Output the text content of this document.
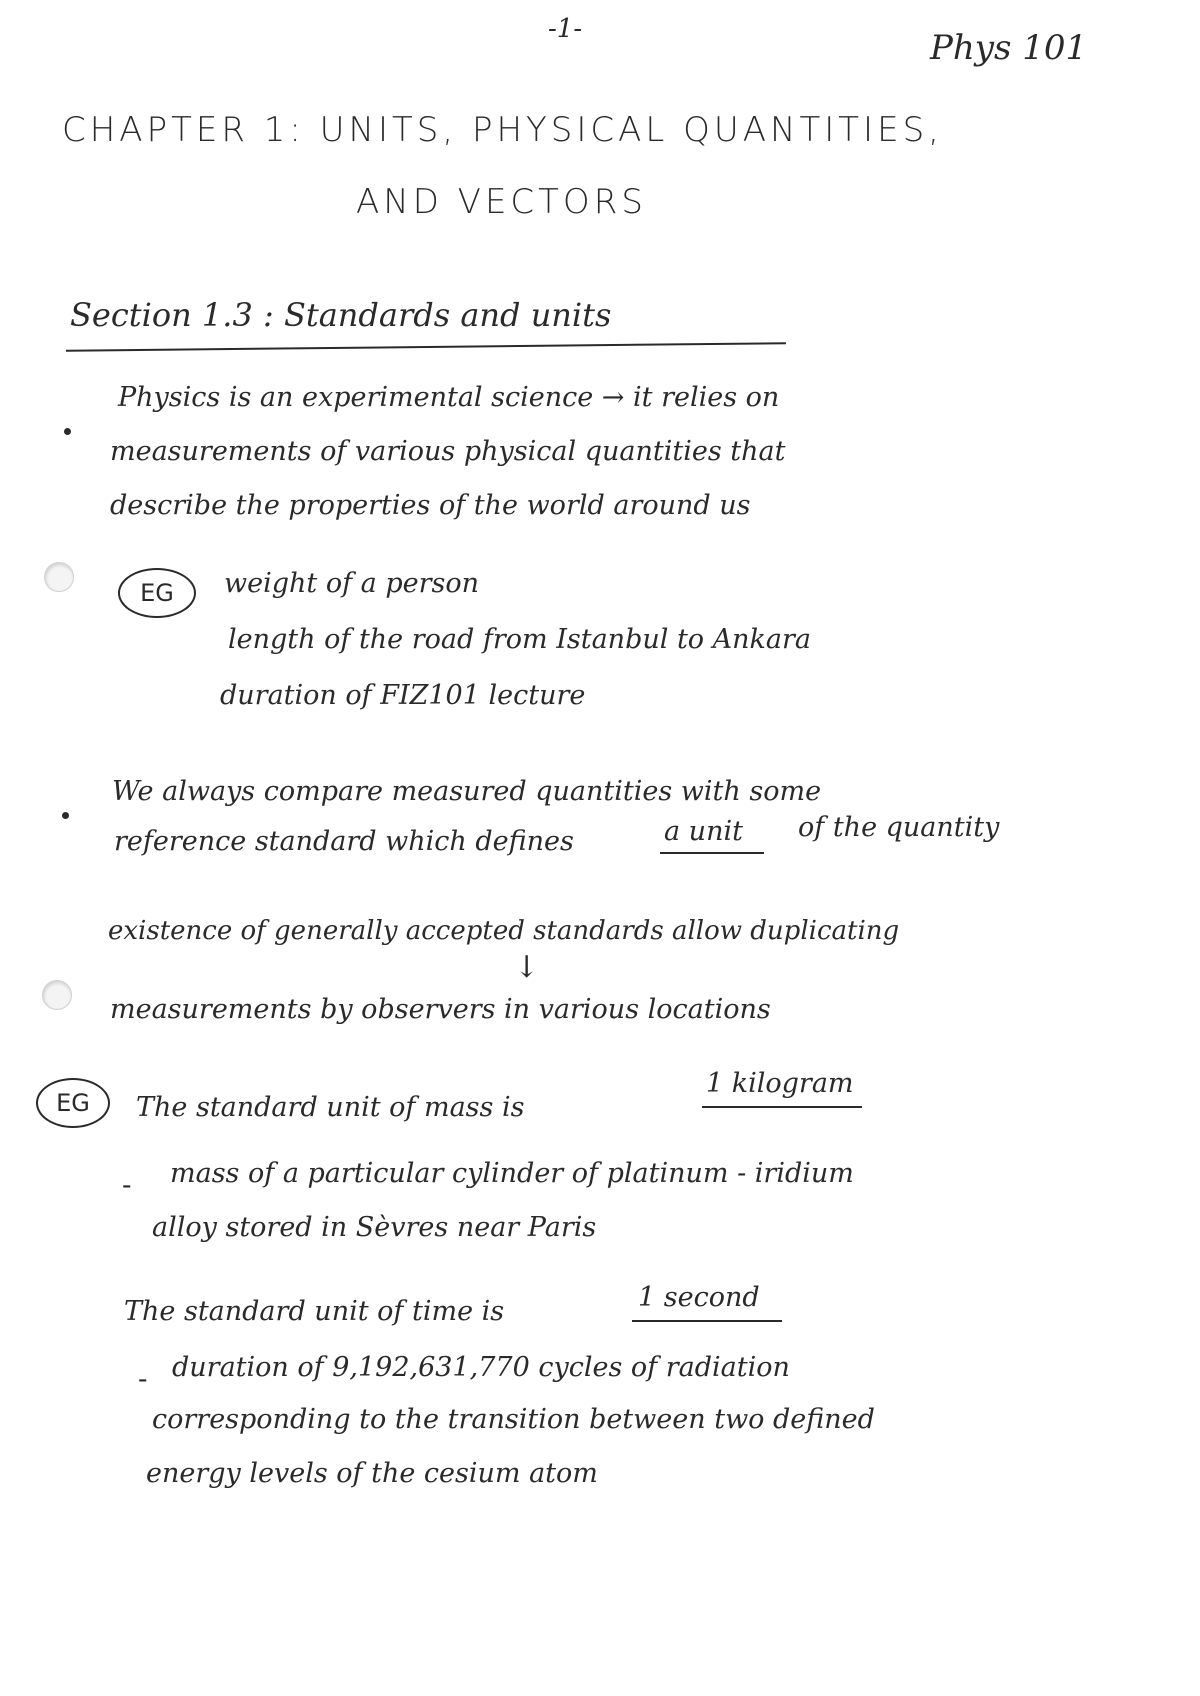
-1-	Phys 101
CHAPTER 1: UNITS, PHYSICAL QUANTITIES,
AND VECTORS
Section 1.3 : Standards and units
Physics is an experimental science → it relies on
measurements of various physical quantities that
describe the properties of the world around us
EG	weight of a person
length of the road from Istanbul to Ankara
duration of FIZ101 lecture
We always compare measured quantities with some
reference standard which defines	a unit of the quantity
↓
existence of generally accepted standards allow duplicating
measurements by observers in various locations
EG	The standard unit of mass is
1 kilogram
- mass of a particular cylinder of platinum - iridium
alloy stored in Sèvres near Paris
The standard unit of time is	1 second
- duration of 9,192,631,770 cycles of radiation
corresponding to the transition between two defined
energy levels of the cesium atom
